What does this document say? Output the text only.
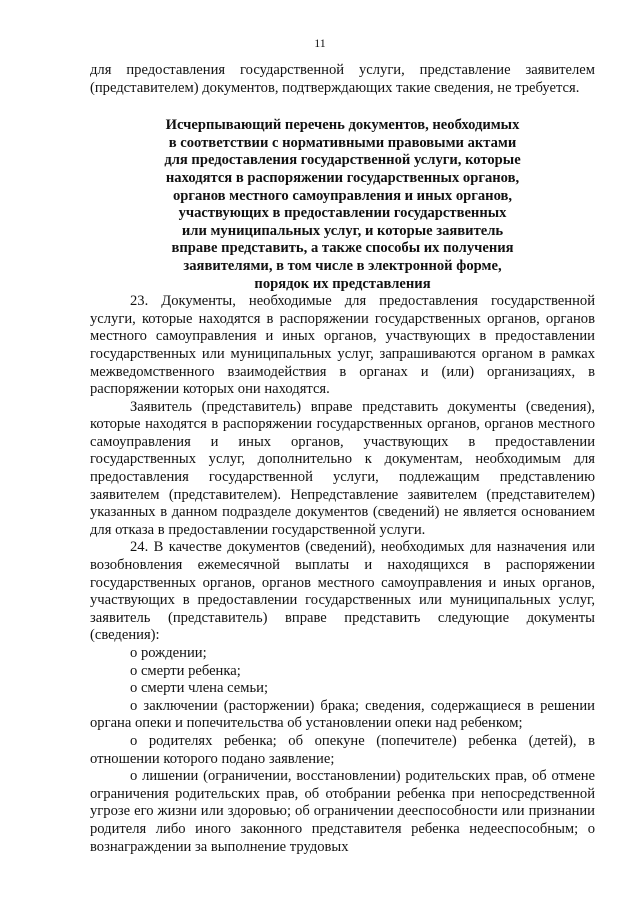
11

для предоставления государственной услуги, представление заявителем (представителем) документов, подтверждающих такие сведения, не требуется.

Исчерпывающий перечень документов, необходимых
в соответствии с нормативными правовыми актами
для предоставления государственной услуги, которые
находятся в распоряжении государственных органов,
органов местного самоуправления и иных органов,
участвующих в предоставлении государственных
или муниципальных услуг, и которые заявитель
вправе представить, а также способы их получения
заявителями, в том числе в электронной форме,
порядок их представления

23. Документы, необходимые для предоставления государственной услуги, которые находятся в распоряжении государственных органов, органов местного самоуправления и иных органов, участвующих в предоставлении государственных или муниципальных услуг, запрашиваются органом в рамках межведомственного взаимодействия в органах и (или) организациях, в распоряжении которых они находятся.

Заявитель (представитель) вправе представить документы (сведения), которые находятся в распоряжении государственных органов, органов местного самоуправления и иных органов, участвующих в предоставлении государственных услуг, дополнительно к документам, необходимым для предоставления государственной услуги, подлежащим представлению заявителем (представителем). Непредставление заявителем (представителем) указанных в данном подразделе документов (сведений) не является основанием для отказа в предоставлении государственной услуги.

24. В качестве документов (сведений), необходимых для назначения или возобновления ежемесячной выплаты и находящихся в распоряжении государственных органов, органов местного самоуправления и иных органов, участвующих в предоставлении государственных или муниципальных услуг, заявитель (представитель) вправе представить следующие документы (сведения):

о рождении;

о смерти ребенка;

о смерти члена семьи;

о заключении (расторжении) брака; сведения, содержащиеся в решении органа опеки и попечительства об установлении опеки над ребенком;

о родителях ребенка; об опекуне (попечителе) ребенка (детей), в отношении которого подано заявление;

о лишении (ограничении, восстановлении) родительских прав, об отмене ограничения родительских прав, об отобрании ребенка при непосредственной угрозе его жизни или здоровью; об ограничении дееспособности или признании родителя либо иного законного представителя ребенка недееспособным; о вознаграждении за выполнение трудовых
